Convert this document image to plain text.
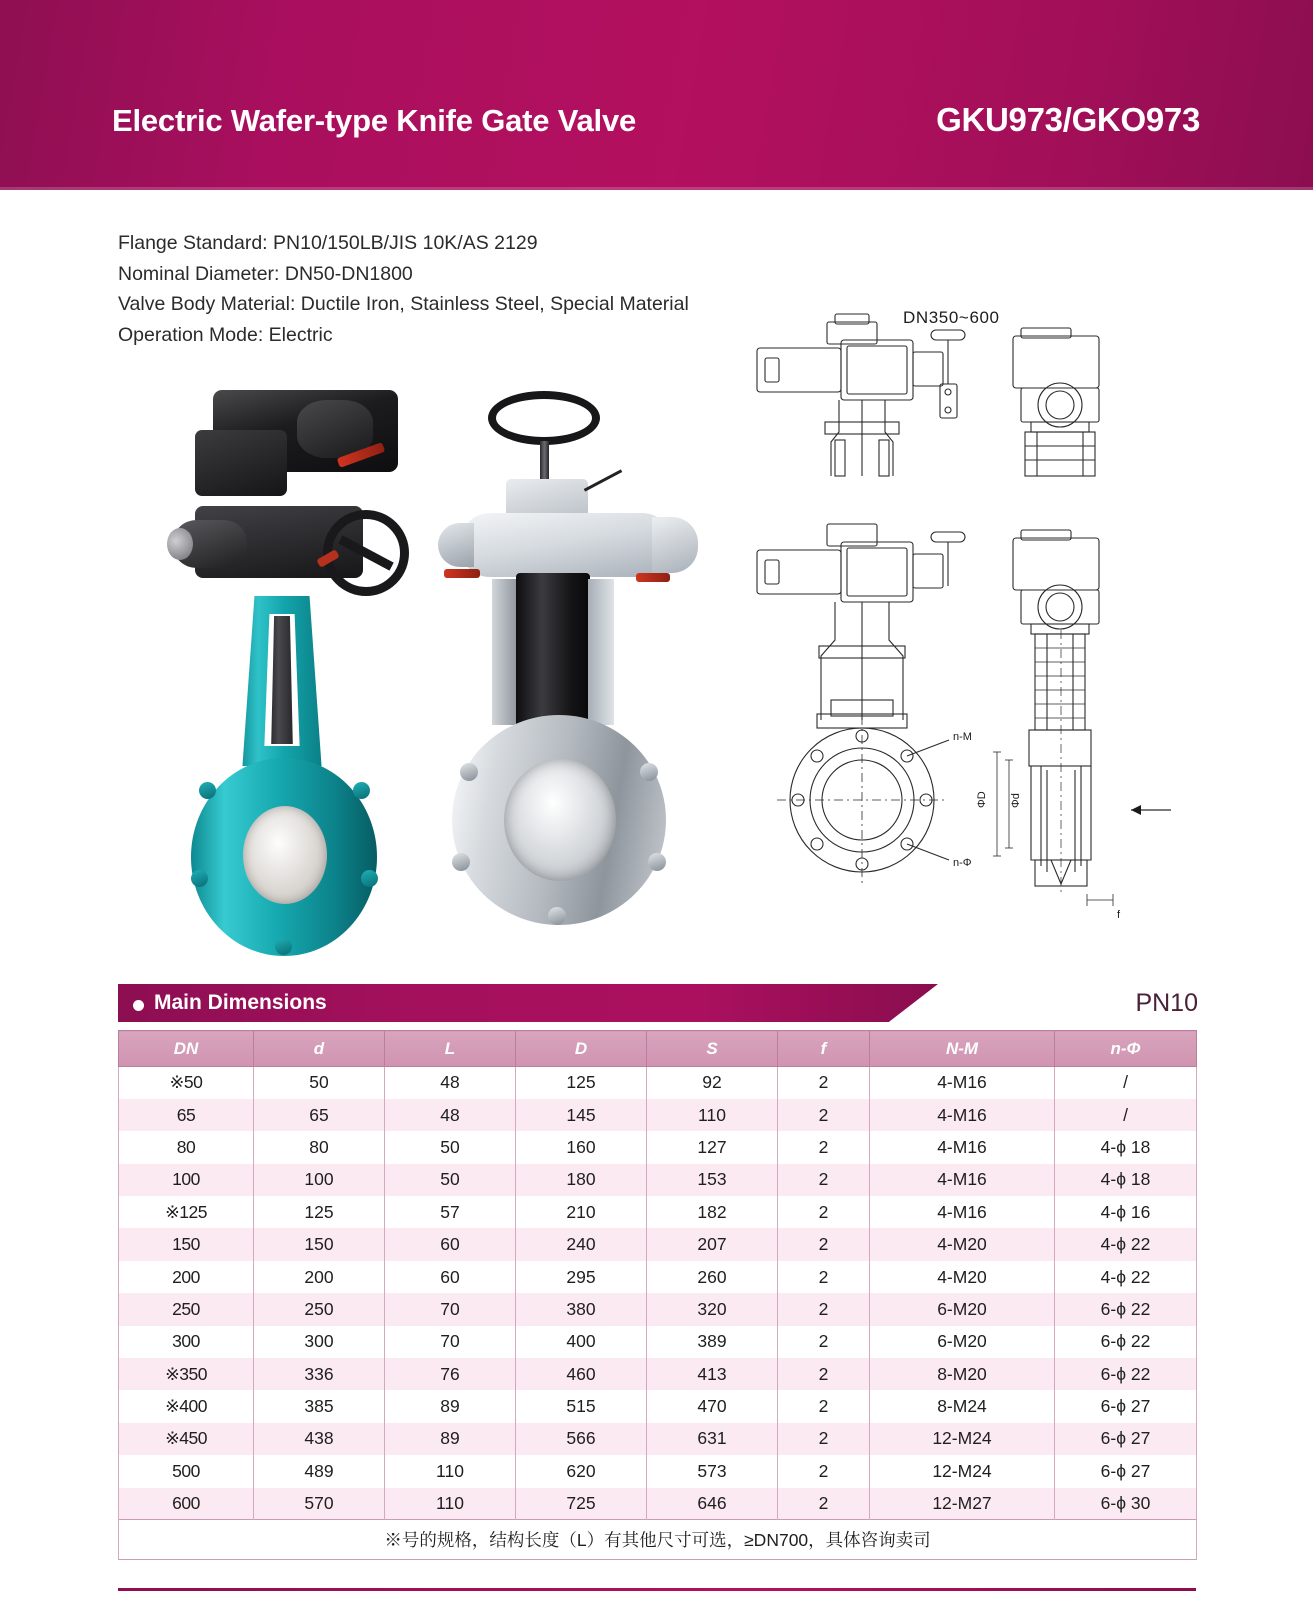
Electric Wafer-type Knife Gate Valve	GKU973/GKO973
Flange Standard: PN10/150LB/JIS 10K/AS 2129
Nominal Diameter: DN50-DN1800
Valve Body Material: Ductile Iron, Stainless Steel, Special Material
Operation Mode: Electric
DN350~600
n-M
n-Φ
ΦD Φd
f
Main Dimensions	PN10
DN	d	L	D	S	f	N-M	n-Φ
※50	50	48	125	92	2	4-M16	/
65	65	48	145	110	2	4-M16	/
80	80	50	160	127	2	4-M16	4-ϕ 18
100	100	50	180	153	2	4-M16	4-ϕ 18
※125	125	57	210	182	2	4-M16	4-ϕ 16
150	150	60	240	207	2	4-M20	4-ϕ 22
200	200	60	295	260	2	4-M20	4-ϕ 22
250	250	70	380	320	2	6-M20	6-ϕ 22
300	300	70	400	389	2	6-M20	6-ϕ 22
※350	336	76	460	413	2	8-M20	6-ϕ 22
※400	385	89	515	470	2	8-M24	6-ϕ 27
※450	438	89	566	631	2	12-M24	6-ϕ 27
500	489	110	620	573	2	12-M24	6-ϕ 27
600	570	110	725	646	2	12-M27	6-ϕ 30
※号的规格，结构长度（L）有其他尺寸可选，≥DN700，具体咨询卖司							
